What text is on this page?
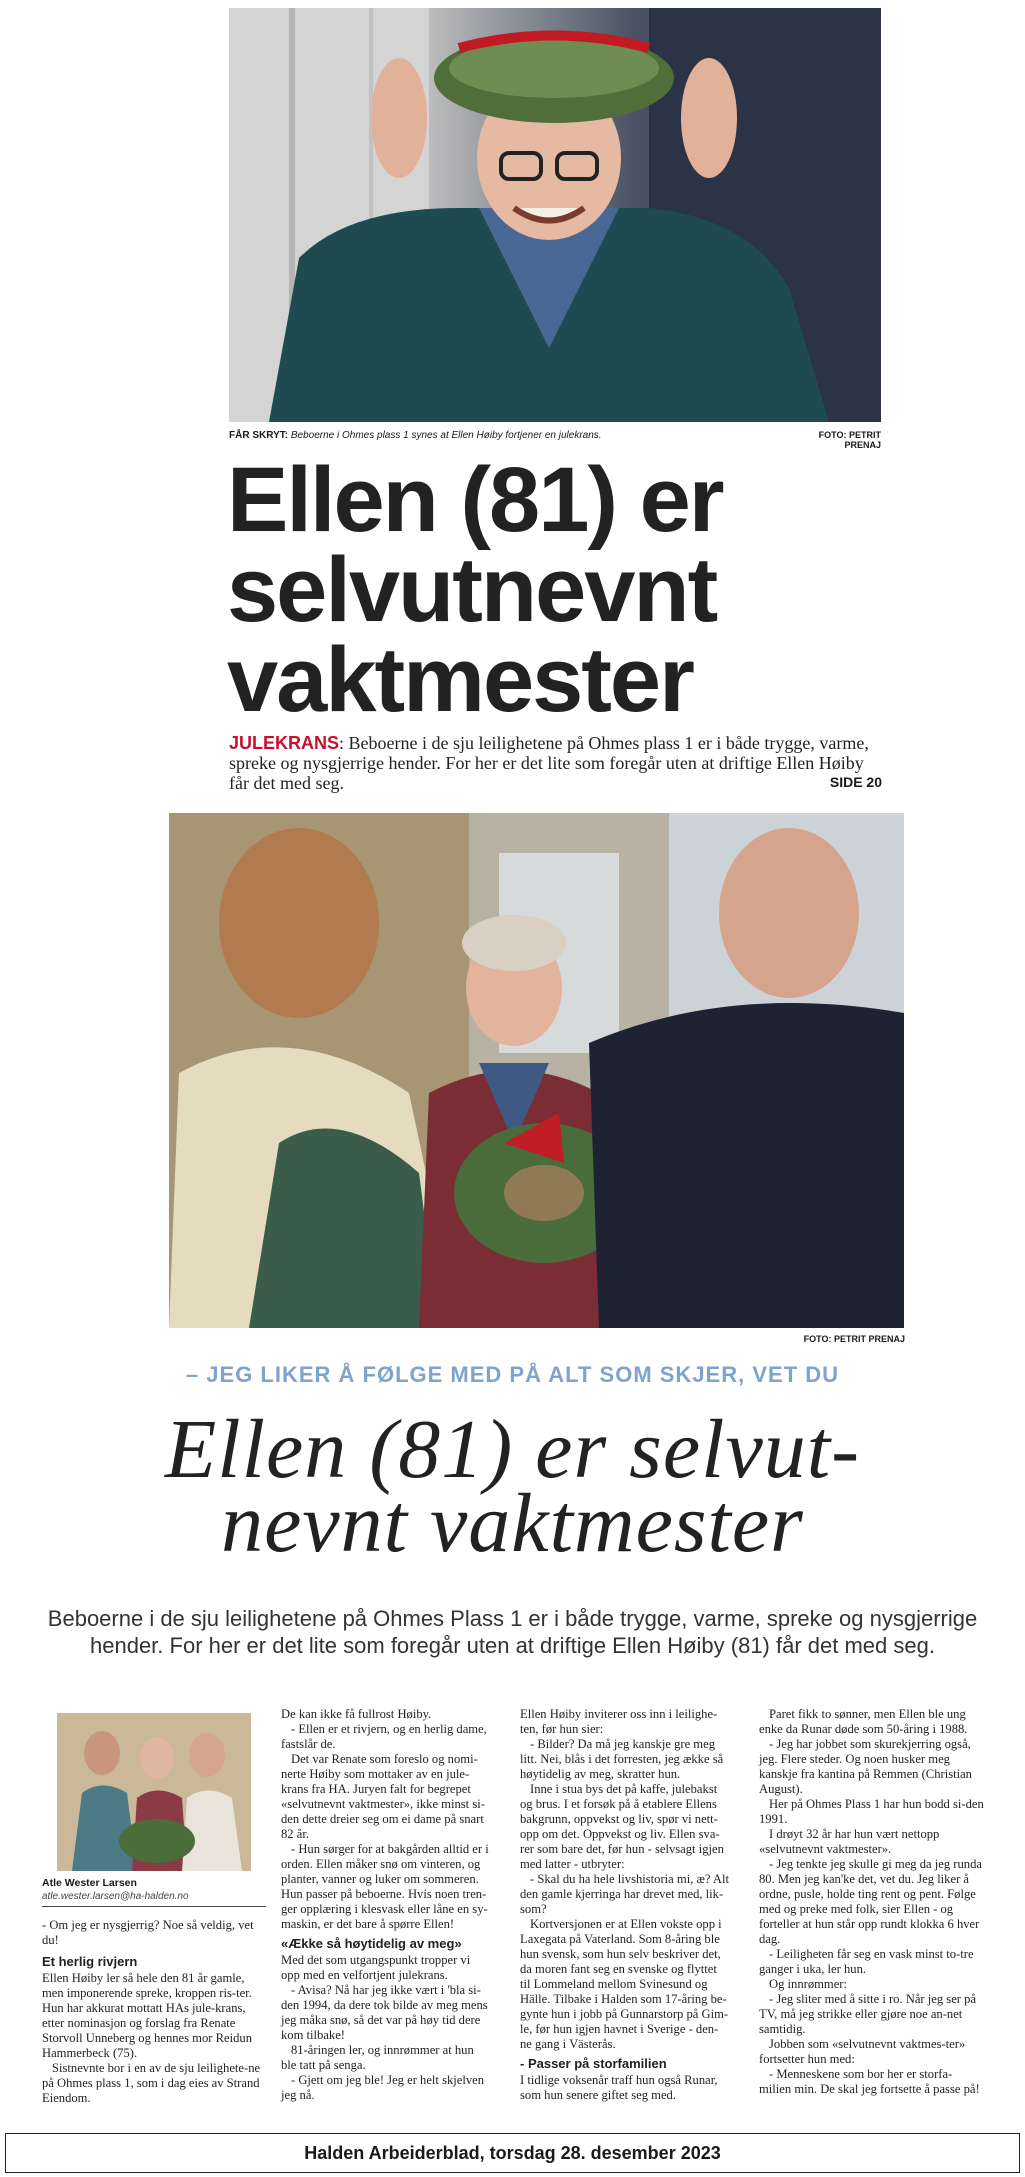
FÅR SKRYT: Beboerne i Ohmes plass 1 synes at Ellen Høiby fortjener en julekrans.	FOTO: PETRIT PRENAJ
Ellen (81) er
selvutnevnt
vaktmester
JULEKRANS: Beboerne i de sju leilighetene på Ohmes plass 1 er i både trygge, varme, spreke og nysgjerrige hender. For her er det lite som foregår uten at driftige Ellen Høiby får det med seg.	SIDE 20
FOTO: PETRIT PRENAJ
– JEG LIKER Å FØLGE MED PÅ ALT SOM SKJER, VET DU
Ellen (81) er selvut-
nevnt vaktmester
Beboerne i de sju leilighetene på Ohmes Plass 1 er i både trygge, varme, spreke og nysgjerrige hender. For her er det lite som foregår uten at driftige Ellen Høiby (81) får det med seg.
Atle Wester Larsen
atle.wester.larsen@ha-halden.no

- Om jeg er nysgjerrig? Noe så veldig, vet du!

Et herlig rivjern

Ellen Høiby ler så hele den 81 år gamle, men imponerende spreke, kroppen ris-ter. Hun har akkurat mottatt HAs jule-krans, etter nominasjon og forslag fra Renate Storvoll Unneberg og hennes mor Reidun Hammerbeck (75).

Sistnevnte bor i en av de sju leilighete-ne på Ohmes plass 1, som i dag eies av Strand Eiendom.

De kan ikke få fullrost Høiby.

- Ellen er et rivjern, og en herlig dame, fastslår de.

Det var Renate som foreslo og nomi-nerte Høiby som mottaker av en jule-krans fra HA. Juryen falt for begrepet «selvutnevnt vaktmester», ikke minst si-den dette dreier seg om ei dame på snart 82 år.

- Hun sørger for at bakgården alltid er i orden. Ellen måker snø om vinteren, og planter, vanner og luker om sommeren. Hun passer på beboerne. Hvis noen tren-ger opplæring i klesvask eller låne en sy-maskin, er det bare å spørre Ellen!

«Ække så høytidelig av meg»

Med det som utgangspunkt tropper vi opp med en velfortjent julekrans.

- Avisa? Nå har jeg ikke vært i 'bla si-den 1994, da dere tok bilde av meg mens jeg måka snø, så det var på høy tid dere kom tilbake!

81-åringen ler, og innrømmer at hun ble tatt på senga.

- Gjett om jeg ble! Jeg er helt skjelven jeg nå.

Ellen Høiby inviterer oss inn i leilighe-ten, før hun sier:

- Bilder? Da må jeg kanskje gre meg litt. Nei, blås i det forresten, jeg ække så høytidelig av meg, skratter hun.

Inne i stua bys det på kaffe, julebakst og brus. I et forsøk på å etablere Ellens bakgrunn, oppvekst og liv, spør vi nett-opp om det. Oppvekst og liv. Ellen sva-rer som bare det, før hun - selvsagt igjen med latter - utbryter:

- Skal du ha hele livshistoria mi, æ? Alt den gamle kjerringa har drevet med, lik-som?

Kortversjonen er at Ellen vokste opp i Laxegata på Vaterland. Som 8-åring ble hun svensk, som hun selv beskriver det, da moren fant seg en svenske og flyttet til Lommeland mellom Svinesund og Hälle. Tilbake i Halden som 17-åring be-gynte hun i jobb på Gunnarstorp på Gim-le, før hun igjen havnet i Sverige - den-ne gang i Västerås.

- Passer på storfamilien

I tidlige voksenår traff hun også Runar, som hun senere giftet seg med.

Paret fikk to sønner, men Ellen ble ung enke da Runar døde som 50-åring i 1988.

- Jeg har jobbet som skurekjerring også, jeg. Flere steder. Og noen husker meg kanskje fra kantina på Remmen (Christian August).

Her på Ohmes Plass 1 har hun bodd si-den 1991.

I drøyt 32 år har hun vært nettopp «selvutnevnt vaktmester».

- Jeg tenkte jeg skulle gi meg da jeg runda 80. Men jeg kan'ke det, vet du. Jeg liker å ordne, pusle, holde ting rent og pent. Følge med og preke med folk, sier Ellen - og forteller at hun står opp rundt klokka 6 hver dag.

- Leiligheten får seg en vask minst to-tre ganger i uka, ler hun.

Og innrømmer:

- Jeg sliter med å sitte i ro. Når jeg ser på TV, må jeg strikke eller gjøre noe an-net samtidig.

Jobben som «selvutnevnt vaktmes-ter» fortsetter hun med:

- Menneskene som bor her er storfa-milien min. De skal jeg fortsette å passe på!

Halden Arbeiderblad, torsdag 28. desember 2023
